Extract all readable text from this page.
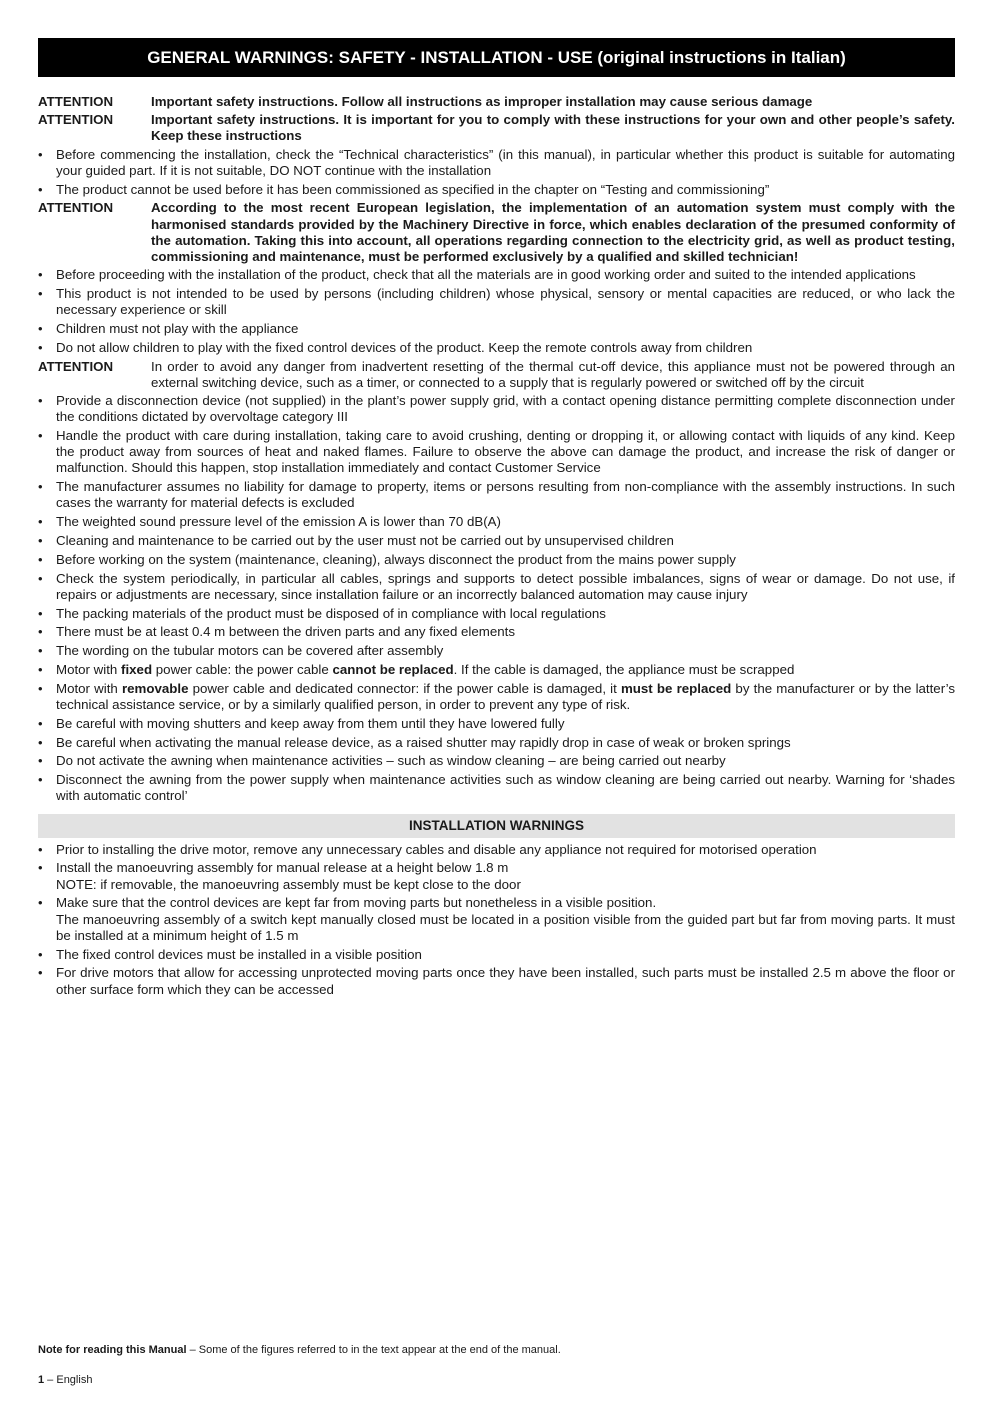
GENERAL WARNINGS: SAFETY - INSTALLATION - USE (original instructions in Italian)
ATTENTION	Important safety instructions. Follow all instructions as improper installation may cause serious damage
ATTENTION	Important safety instructions. It is important for you to comply with these instructions for your own and other people’s safety. Keep these instructions
•	Before commencing the installation, check the “Technical characteristics” (in this manual), in particular whether this product is suitable for automating your guided part. If it is not suitable, DO NOT continue with the installation
•	The product cannot be used before it has been commissioned as specified in the chapter on “Testing and commissioning”
ATTENTION	According to the most recent European legislation, the implementation of an automation system must comply with the harmonised standards provided by the Machinery Directive in force, which enables declaration of the presumed conformity of the automation. Taking this into account, all operations regarding connection to the electricity grid, as well as product testing, commissioning and maintenance, must be performed exclusively by a qualified and skilled technician!
•	Before proceeding with the installation of the product, check that all the materials are in good working order and suited to the intended applications
•	This product is not intended to be used by persons (including children) whose physical, sensory or mental capacities are reduced, or who lack the necessary experience or skill
•	Children must not play with the appliance
•	Do not allow children to play with the fixed control devices of the product. Keep the remote controls away from children
ATTENTION	In order to avoid any danger from inadvertent resetting of the thermal cut-off device, this appliance must not be powered through an external switching device, such as a timer, or connected to a supply that is regularly powered or switched off by the circuit
•	Provide a disconnection device (not supplied) in the plant’s power supply grid, with a contact opening distance permitting complete disconnection under the conditions dictated by overvoltage category III
•	Handle the product with care during installation, taking care to avoid crushing, denting or dropping it, or allowing contact with liquids of any kind. Keep the product away from sources of heat and naked flames. Failure to observe the above can damage the product, and increase the risk of danger or malfunction. Should this happen, stop installation immediately and contact Customer Service
•	The manufacturer assumes no liability for damage to property, items or persons resulting from non-compliance with the assembly instructions. In such cases the warranty for material defects is excluded
•	The weighted sound pressure level of the emission A is lower than 70 dB(A)
•	Cleaning and maintenance to be carried out by the user must not be carried out by unsupervised children
•	Before working on the system (maintenance, cleaning), always disconnect the product from the mains power supply
•	Check the system periodically, in particular all cables, springs and supports to detect possible imbalances, signs of wear or damage. Do not use, if repairs or adjustments are necessary, since installation failure or an incorrectly balanced automation may cause injury
•	The packing materials of the product must be disposed of in compliance with local regulations
•	There must be at least 0.4 m between the driven parts and any fixed elements
•	The wording on the tubular motors can be covered after assembly
•	Motor with fixed power cable: the power cable cannot be replaced. If the cable is damaged, the appliance must be scrapped
•	Motor with removable power cable and dedicated connector: if the power cable is damaged, it must be replaced by the manufacturer or by the latter’s technical assistance service, or by a similarly qualified person, in order to prevent any type of risk.
•	Be careful with moving shutters and keep away from them until they have lowered fully
•	Be careful when activating the manual release device, as a raised shutter may rapidly drop in case of weak or broken springs
•	Do not activate the awning when maintenance activities – such as window cleaning – are being carried out nearby
•	Disconnect the awning from the power supply when maintenance activities such as window cleaning are being carried out nearby. Warning for ‘shades with automatic control’
INSTALLATION WARNINGS
•	Prior to installing the drive motor, remove any unnecessary cables and disable any appliance not required for motorised operation
•	Install the manoeuvring assembly for manual release at a height below 1.8 m
NOTE: if removable, the manoeuvring assembly must be kept close to the door
•	Make sure that the control devices are kept far from moving parts but nonetheless in a visible position.
The manoeuvring assembly of a switch kept manually closed must be located in a position visible from the guided part but far from moving parts. It must be installed at a minimum height of 1.5 m
•	The fixed control devices must be installed in a visible position
•	For drive motors that allow for accessing unprotected moving parts once they have been installed, such parts must be installed 2.5 m above the floor or other surface form which they can be accessed
Note for reading this Manual – Some of the figures referred to in the text appear at the end of the manual.
1 – English
